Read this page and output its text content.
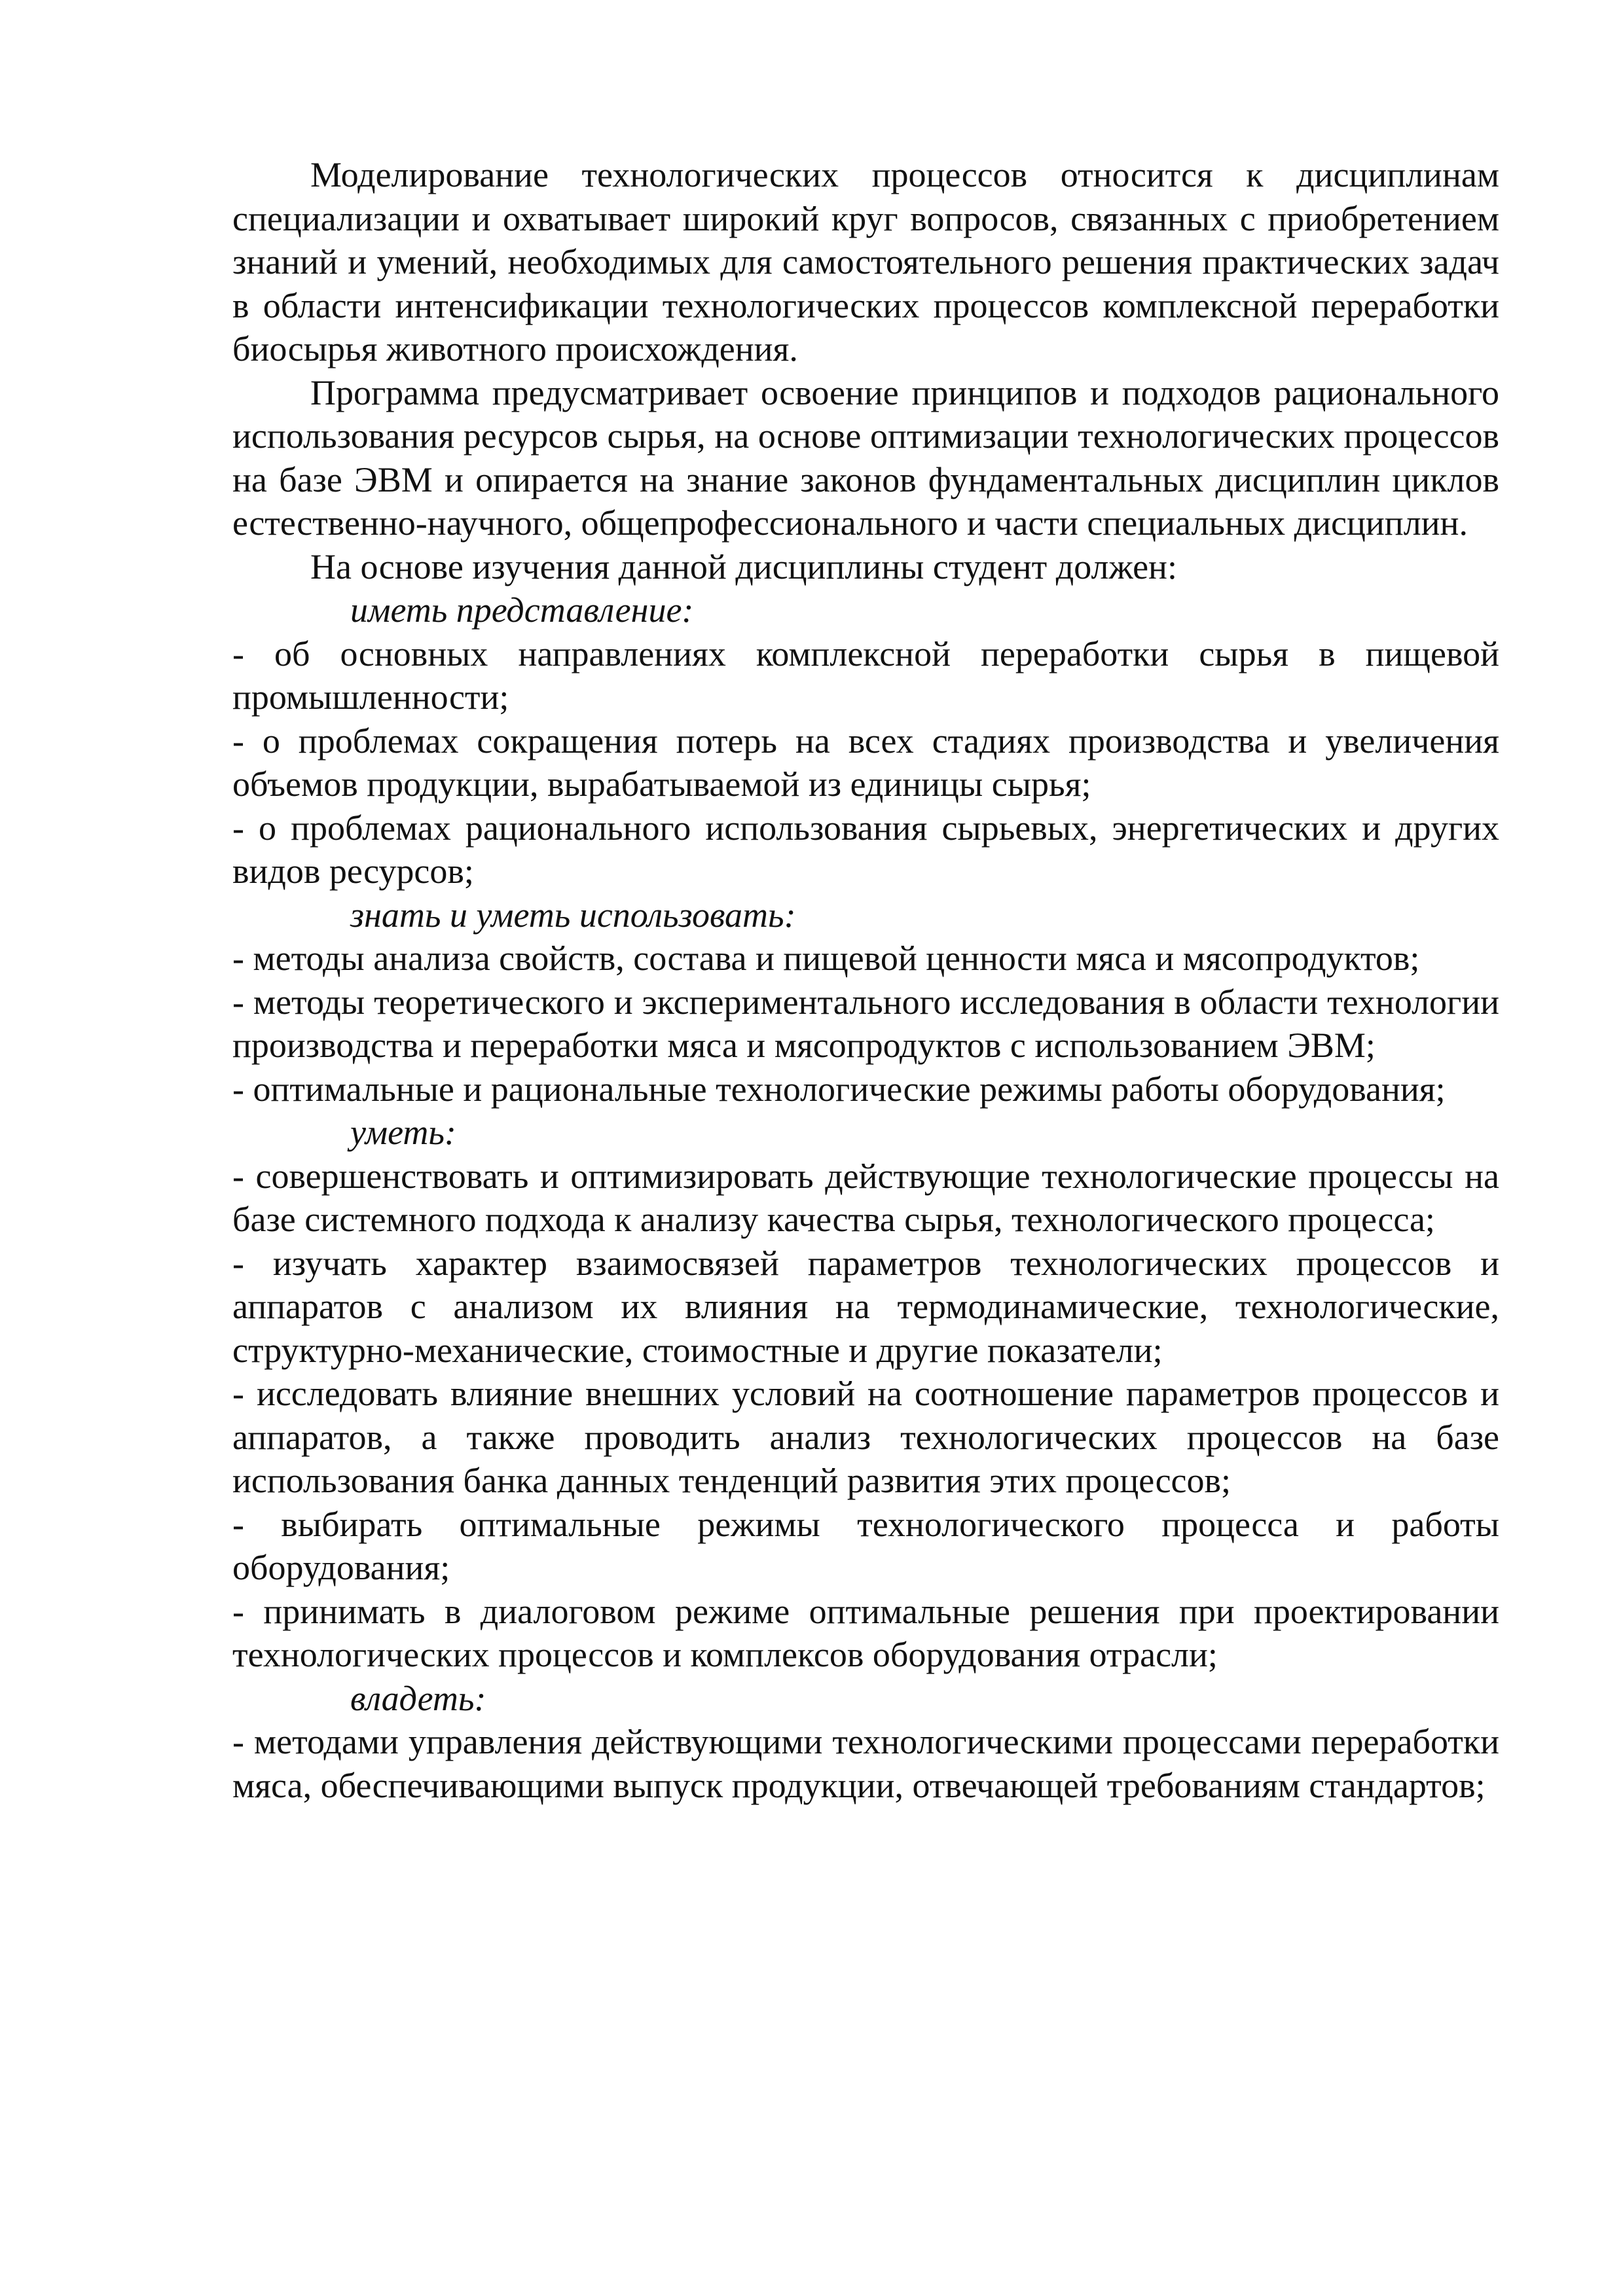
Моделирование технологических процессов относится к дисциплинам специализации и охватывает широкий круг вопросов, связанных с приобретением знаний и умений, необходимых для самостоятельного решения практических задач в области интенсификации технологических процессов комплексной переработки биосырья животного происхождения.

Программа предусматривает освоение принципов и подходов рационального использования ресурсов сырья, на основе оптимизации технологических процессов на базе ЭВМ и опирается на знание законов фундаментальных дисциплин циклов естественно-научного, общепрофессионального и части специальных дисциплин.

На основе изучения данной дисциплины студент должен:

иметь представление:

- об основных направлениях комплексной переработки сырья в пищевой промышленности;

- о проблемах сокращения потерь на всех стадиях производства и увеличения объемов продукции, вырабатываемой из единицы сырья;

- о проблемах рационального использования сырьевых, энергетических и других видов ресурсов;

знать и уметь использовать:

- методы анализа свойств, состава и пищевой ценности мяса и мясопродуктов;

- методы теоретического и экспериментального исследования в области технологии производства и переработки мяса и мясопродуктов с использованием ЭВМ;

- оптимальные и рациональные технологические режимы работы оборудования;

уметь:

- совершенствовать и оптимизировать действующие технологические процессы на базе системного подхода к анализу качества сырья, технологического процесса;

- изучать характер взаимосвязей параметров технологических процессов и аппаратов с анализом их влияния на термодинамические, технологические, структурно-механические, стоимостные и другие показатели;

- исследовать влияние внешних условий на соотношение параметров процессов и аппаратов, а также проводить анализ технологических процессов на базе использования банка данных тенденций развития этих процессов;

- выбирать оптимальные режимы технологического процесса и работы оборудования;

- принимать в диалоговом режиме оптимальные решения при проектировании технологических процессов и комплексов оборудования отрасли;

владеть:

- методами управления действующими технологическими процессами переработки мяса, обеспечивающими выпуск продукции, отвечающей требованиям стандартов;
